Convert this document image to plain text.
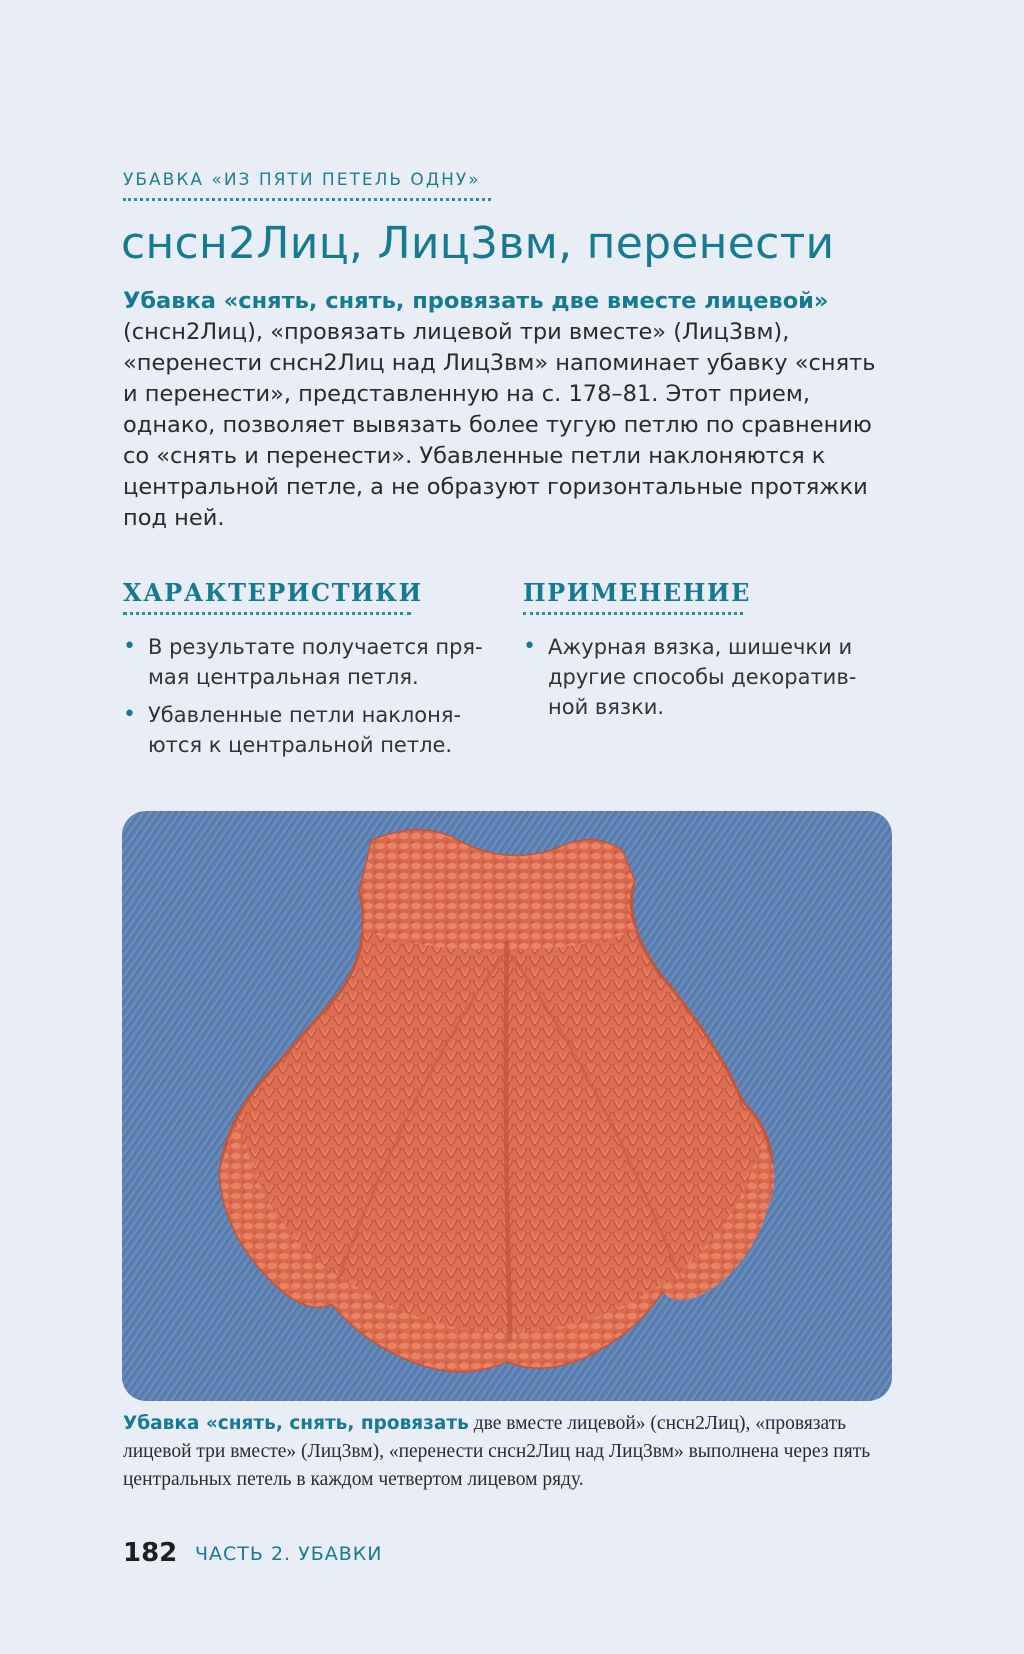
УБАВКА «ИЗ ПЯТИ ПЕТЕЛЬ ОДНУ»
снсн2Лиц, Лиц3вм, перенести

Убавка «снять, снять, провязать две вместе лицевой» (снсн2Лиц), «провязать лицевой три вместе» (Лиц3вм), «перенести снсн2Лиц над Лиц3вм» напоминает убавку «снять и перенести», представленную на с. 178–81. Этот прием, однако, позволяет вывязать более тугую петлю по сравнению со «снять и перенести». Убавленные петли наклоняются к центральной петле, а не образуют горизонтальные протяжки под ней.

ХАРАКТЕРИСТИКИ
• В результате получается пря-мая центральная петля.
• Убавленные петли наклоня-ются к центральной петле.
ПРИМЕНЕНИЕ
• Ажурная вязка, шишечки и другие способы декоратив-ной вязки.

Убавка «снять, снять, провязать две вместе лицевой» (снсн2Лиц), «провязать лицевой три вместе» (Лиц3вм), «перенести снсн2Лиц над Лиц3вм» выполнена через пять центральных петель в каждом четвертом лицевом ряду.

182 ЧАСТЬ 2. УБАВКИ
